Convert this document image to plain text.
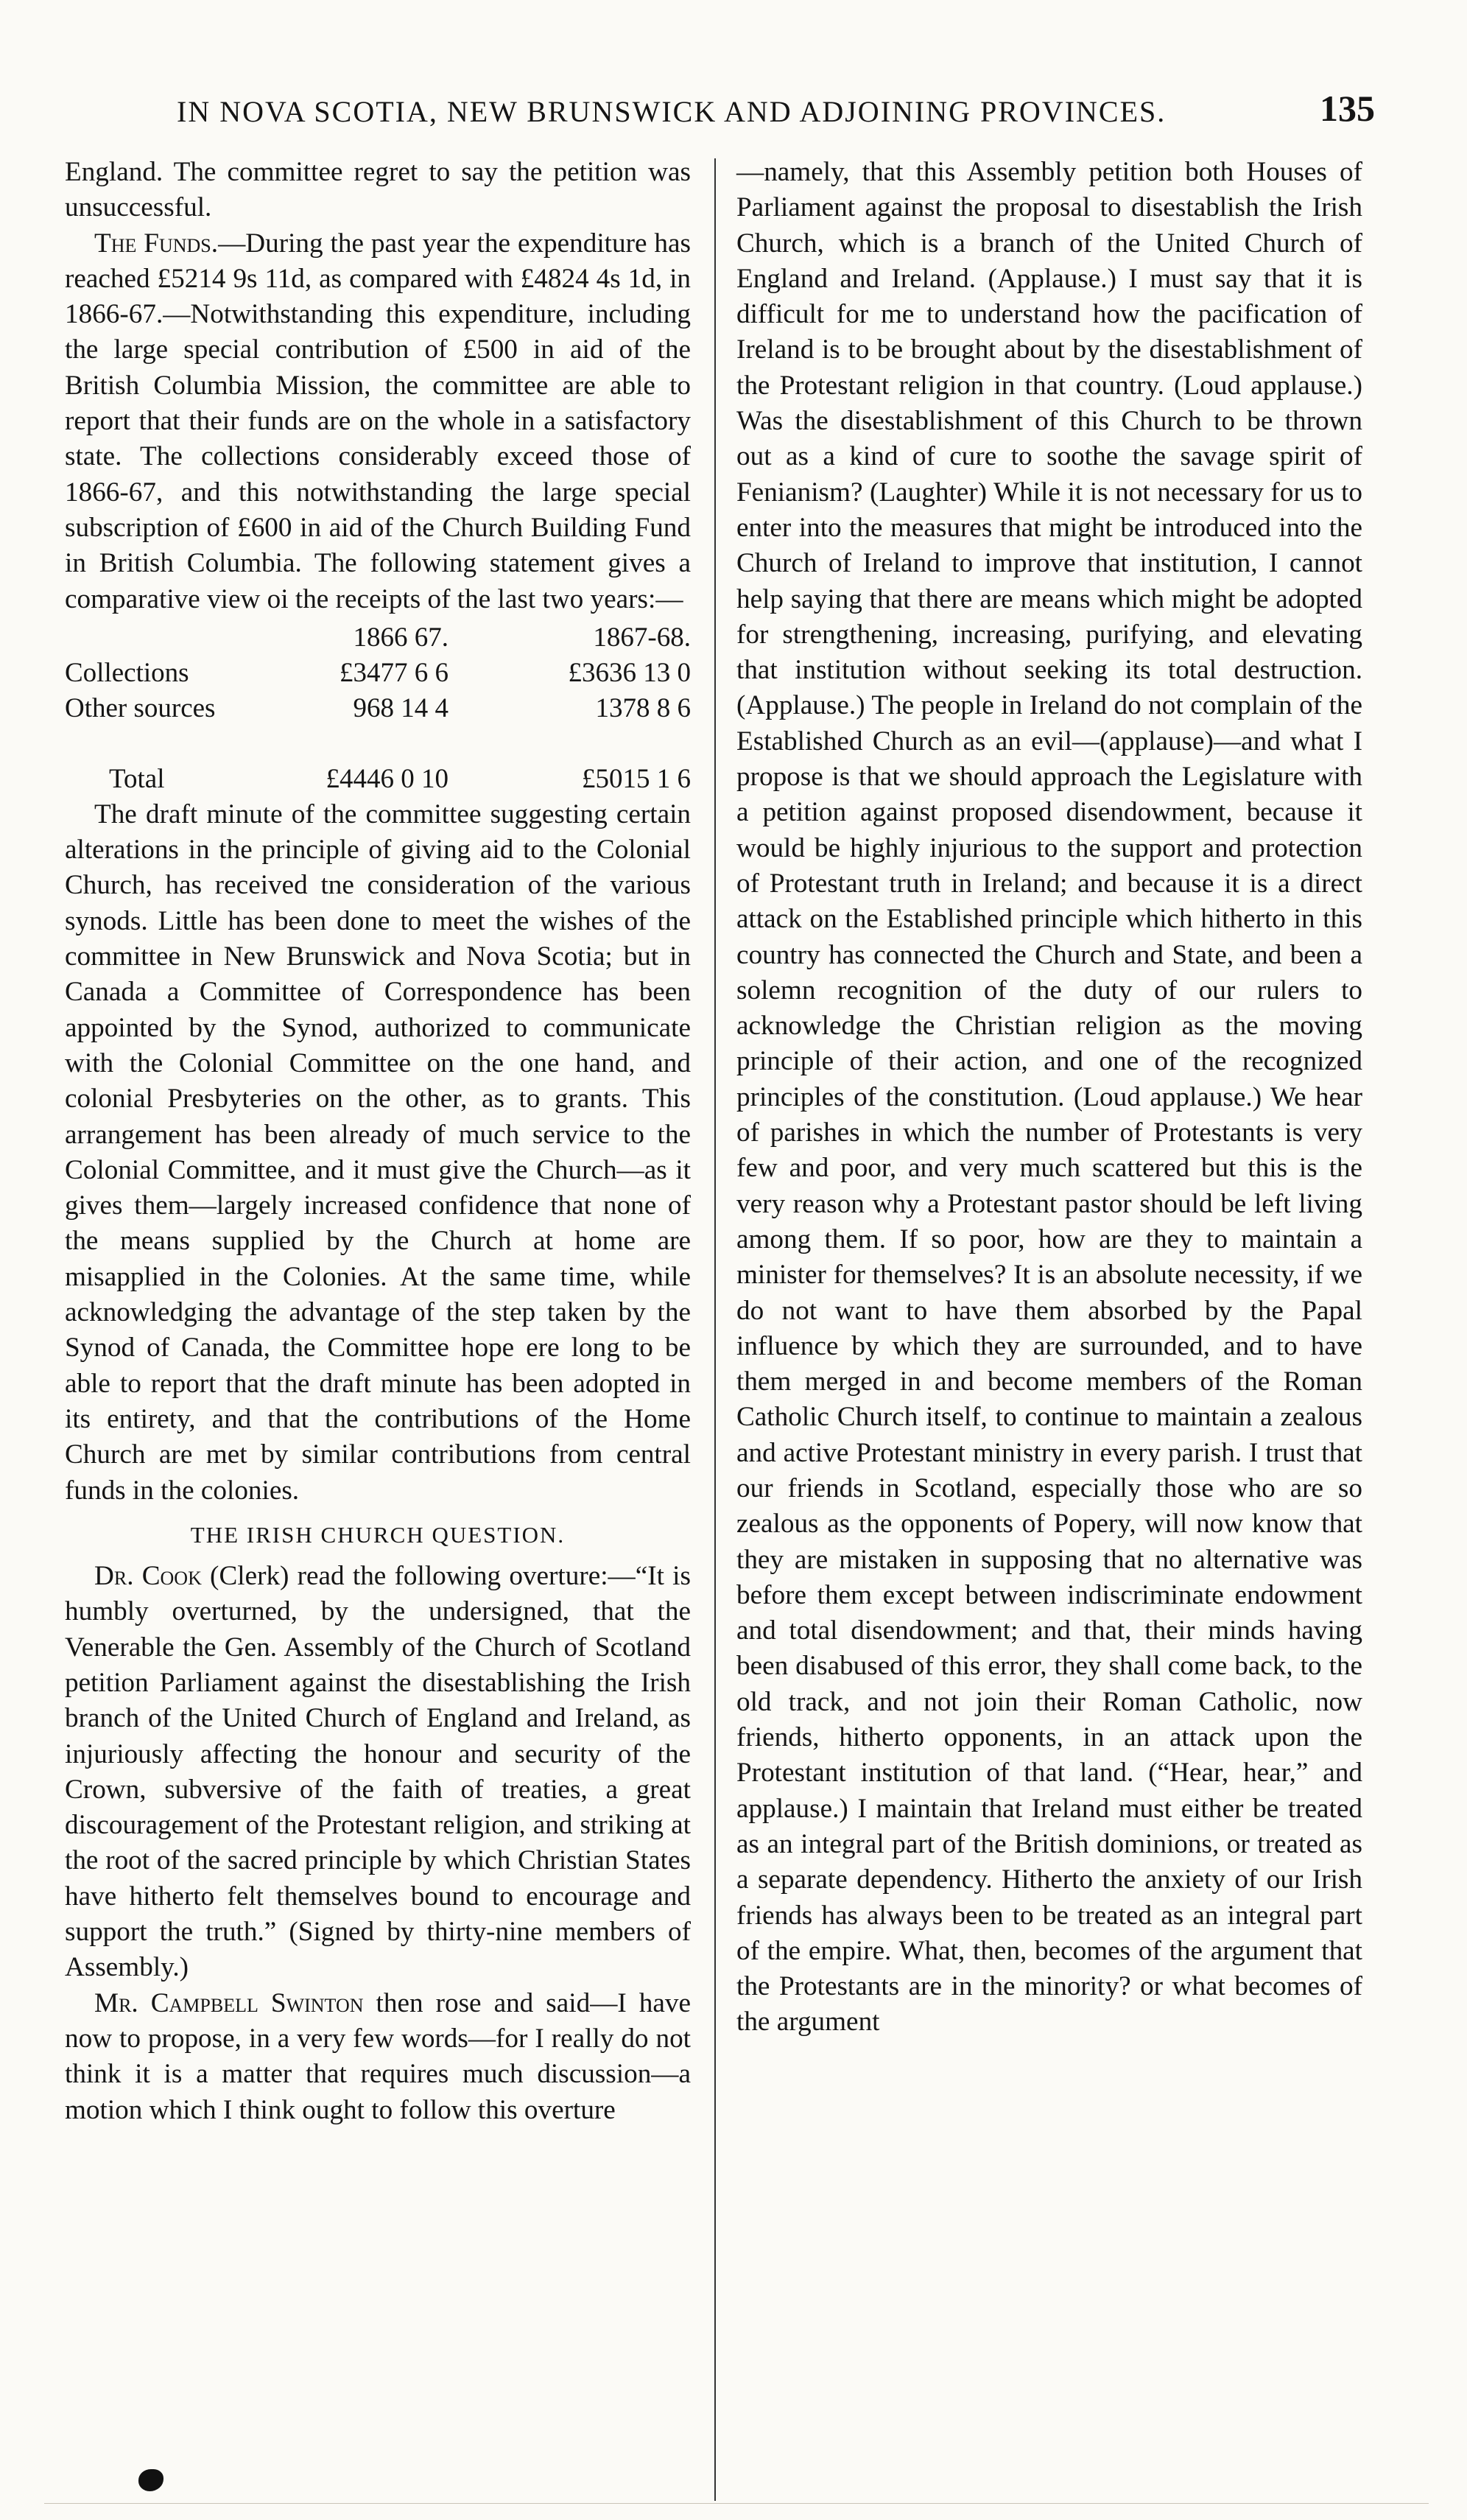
IN NOVA SCOTIA, NEW BRUNSWICK AND ADJOINING PROVINCES.	135

England. The committee regret to say the petition was unsuccessful.

The Funds.—During the past year the expenditure has reached £5214 9s 11d, as compared with £4824 4s 1d, in 1866-67.—Notwithstanding this expenditure, including the large special contribution of £500 in aid of the British Columbia Mission, the committee are able to report that their funds are on the whole in a satisfactory state. The collections considerably exceed those of 1866-67, and this notwithstanding the large special subscription of £600 in aid of the Church Building Fund in British Columbia. The following statement gives a comparative view oi the receipts of the last two years:—

	1866 67.	1867-68.
Collections	£3477 6 6	£3636 13 0
Other sources	968 14 4	1378 8 6

Total	£4446 0 10	£5015 1 6

The draft minute of the committee suggesting certain alterations in the principle of giving aid to the Colonial Church, has received tne consideration of the various synods. Little has been done to meet the wishes of the committee in New Brunswick and Nova Scotia; but in Canada a Committee of Correspondence has been appointed by the Synod, authorized to communicate with the Colonial Committee on the one hand, and colonial Presbyteries on the other, as to grants. This arrangement has been already of much service to the Colonial Committee, and it must give the Church—as it gives them—largely increased confidence that none of the means supplied by the Church at home are misapplied in the Colonies. At the same time, while acknowledging the advantage of the step taken by the Synod of Canada, the Committee hope ere long to be able to report that the draft minute has been adopted in its entirety, and that the contributions of the Home Church are met by similar contributions from central funds in the colonies.

THE IRISH CHURCH QUESTION.

Dr. Cook (Clerk) read the following overture:—“It is humbly overturned, by the undersigned, that the Venerable the Gen. Assembly of the Church of Scotland petition Parliament against the disestablishing the Irish branch of the United Church of England and Ireland, as injuriously affecting the honour and security of the Crown, subversive of the faith of treaties, a great discouragement of the Protestant religion, and striking at the root of the sacred principle by which Christian States have hitherto felt themselves bound to encourage and support the truth.” (Signed by thirty-nine members of Assembly.)

Mr. Campbell Swinton then rose and said—I have now to propose, in a very few words—for I really do not think it is a matter that requires much discussion—a motion which I think ought to follow this overture

—namely, that this Assembly petition both Houses of Parliament against the proposal to disestablish the Irish Church, which is a branch of the United Church of England and Ireland. (Applause.) I must say that it is difficult for me to understand how the pacification of Ireland is to be brought about by the disestablishment of the Protestant religion in that country. (Loud applause.) Was the disestablishment of this Church to be thrown out as a kind of cure to soothe the savage spirit of Fenianism? (Laughter) While it is not necessary for us to enter into the measures that might be introduced into the Church of Ireland to improve that institution, I cannot help saying that there are means which might be adopted for strengthening, increasing, purifying, and elevating that institution without seeking its total destruction. (Applause.) The people in Ireland do not complain of the Established Church as an evil—(applause)—and what I propose is that we should approach the Legislature with a petition against proposed disendowment, because it would be highly injurious to the support and protection of Protestant truth in Ireland; and because it is a direct attack on the Established principle which hitherto in this country has connected the Church and State, and been a solemn recognition of the duty of our rulers to acknowledge the Christian religion as the moving principle of their action, and one of the recognized principles of the constitution. (Loud applause.) We hear of parishes in which the number of Protestants is very few and poor, and very much scattered but this is the very reason why a Protestant pastor should be left living among them. If so poor, how are they to maintain a minister for themselves? It is an absolute necessity, if we do not want to have them absorbed by the Papal influence by which they are surrounded, and to have them merged in and become members of the Roman Catholic Church itself, to continue to maintain a zealous and active Protestant ministry in every parish. I trust that our friends in Scotland, especially those who are so zealous as the opponents of Popery, will now know that they are mistaken in supposing that no alternative was before them except between indiscriminate endowment and total disendowment; and that, their minds having been disabused of this error, they shall come back, to the old track, and not join their Roman Catholic, now friends, hitherto opponents, in an attack upon the Protestant institution of that land. (“Hear, hear,” and applause.) I maintain that Ireland must either be treated as an integral part of the British dominions, or treated as a separate dependency. Hitherto the anxiety of our Irish friends has always been to be treated as an integral part of the empire. What, then, becomes of the argument that the Protestants are in the minority? or what becomes of the argument
